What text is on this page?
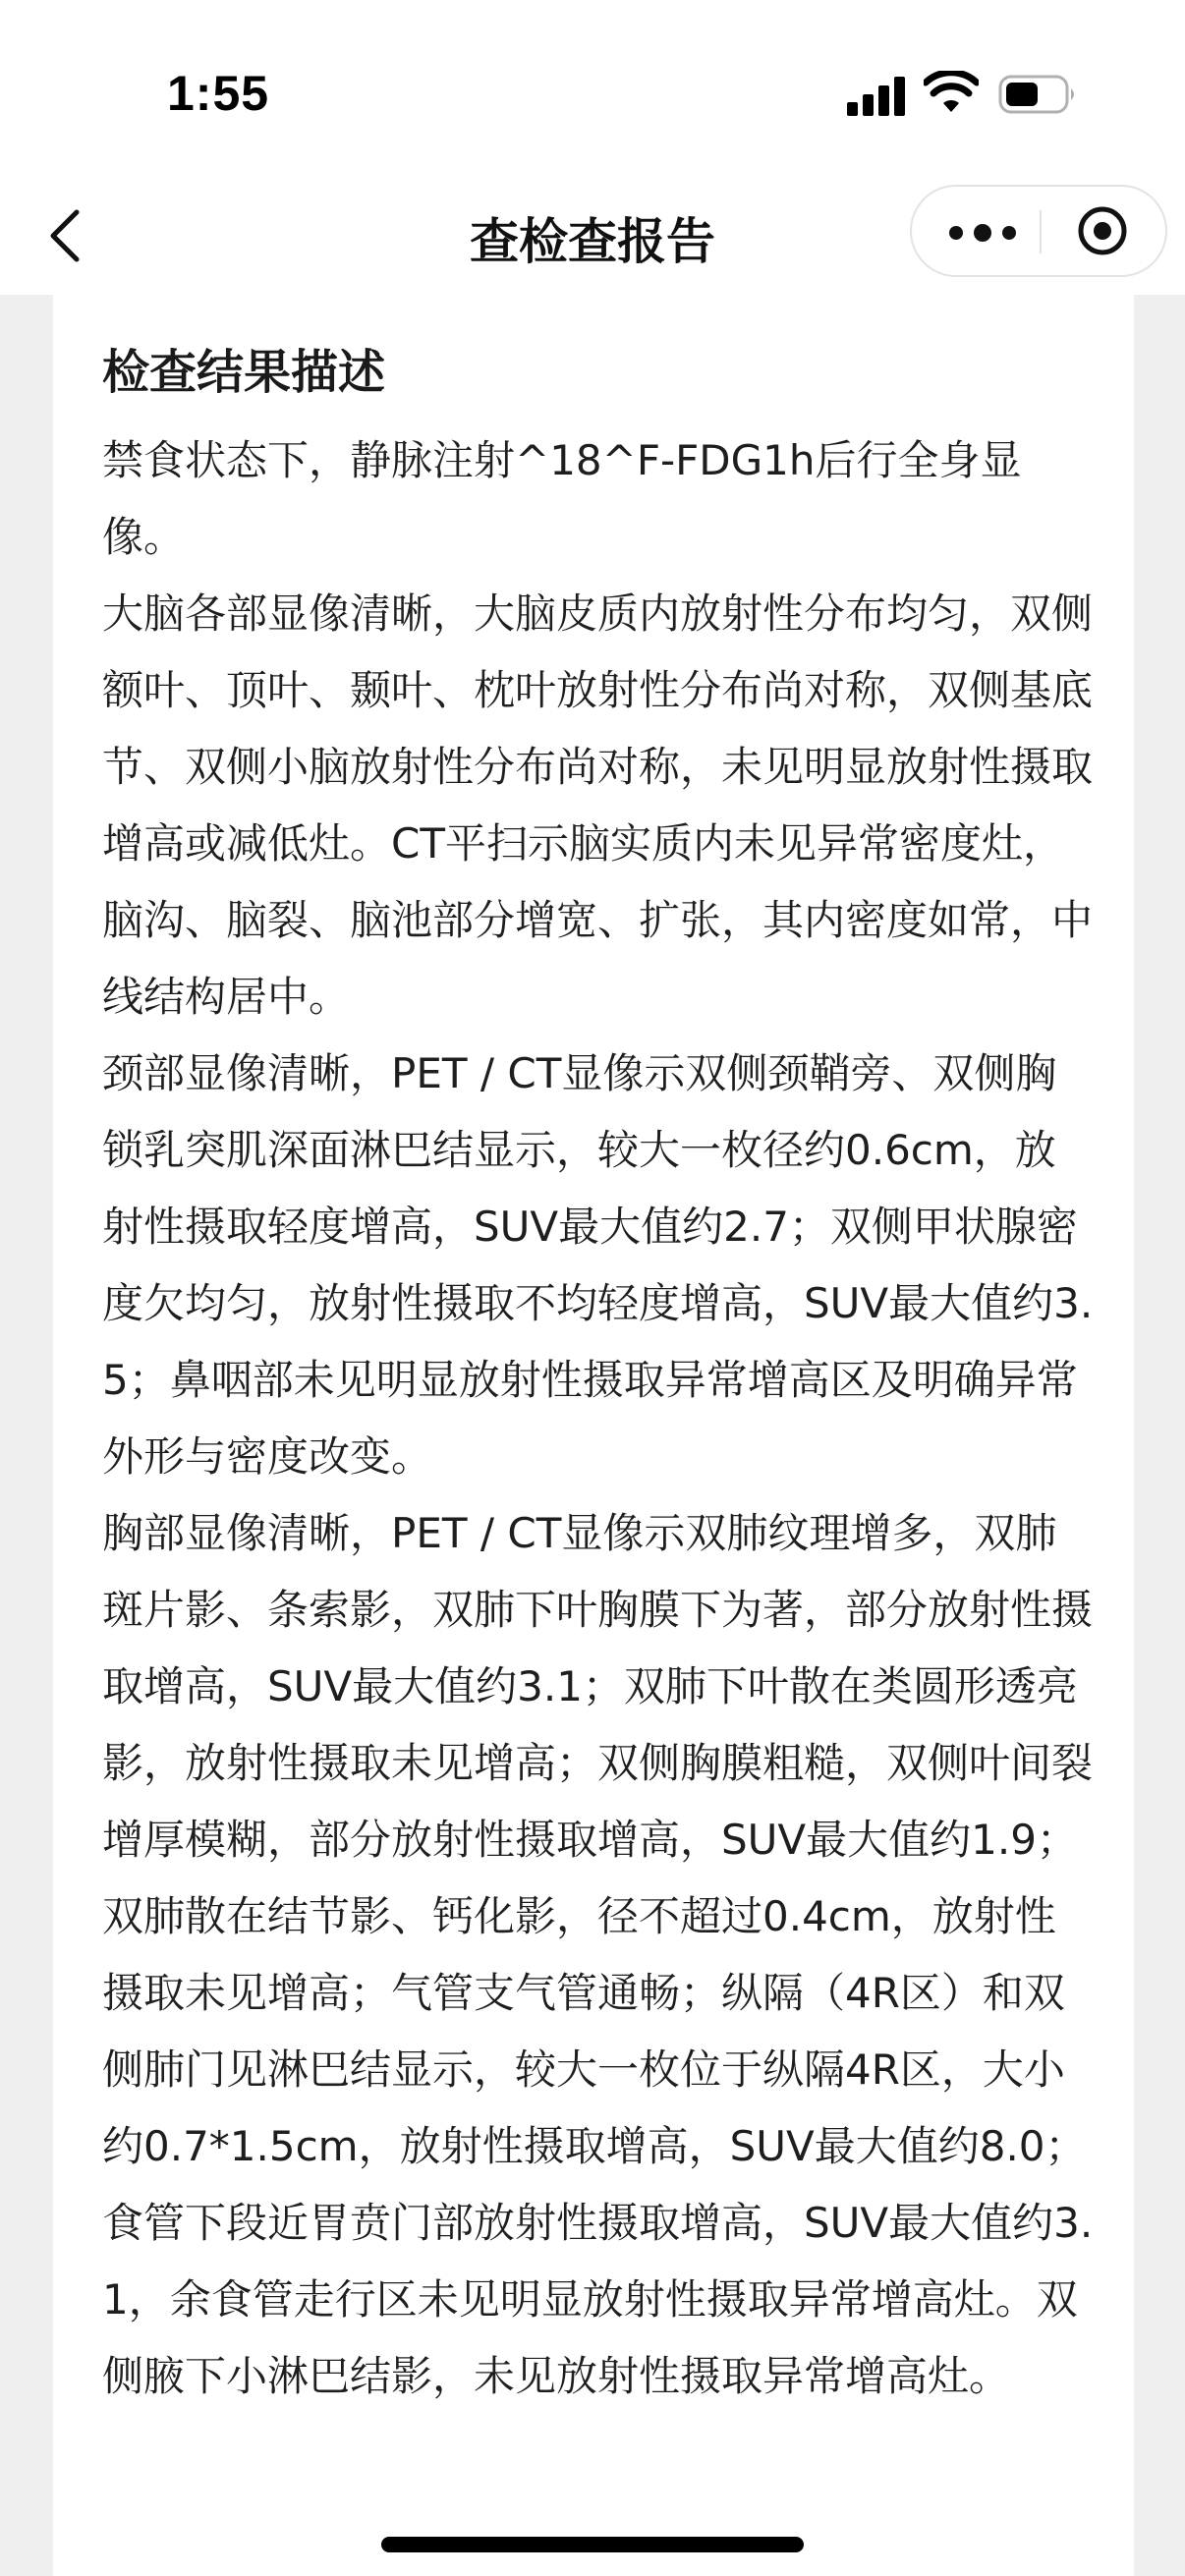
1:55
查检查报告
检查结果描述

禁食状态下，静脉注射^18^F-FDG1h后行全身显像。

大脑各部显像清晰，大脑皮质内放射性分布均匀，双侧额叶、顶叶、颞叶、枕叶放射性分布尚对称，双侧基底节、双侧小脑放射性分布尚对称，未见明显放射性摄取增高或减低灶。CT平扫示脑实质内未见异常密度灶，脑沟、脑裂、脑池部分增宽、扩张，其内密度如常，中线结构居中。

颈部显像清晰，PET / CT显像示双侧颈鞘旁、双侧胸锁乳突肌深面淋巴结显示，较大一枚径约0.6cm，放射性摄取轻度增高，SUV最大值约2.7；双侧甲状腺密度欠均匀，放射性摄取不均轻度增高，SUV最大值约3.5；鼻咽部未见明显放射性摄取异常增高区及明确异常外形与密度改变。

胸部显像清晰，PET / CT显像示双肺纹理增多，双肺斑片影、条索影，双肺下叶胸膜下为著，部分放射性摄取增高，SUV最大值约3.1；双肺下叶散在类圆形透亮影，放射性摄取未见增高；双侧胸膜粗糙，双侧叶间裂增厚模糊，部分放射性摄取增高，SUV最大值约1.9；双肺散在结节影、钙化影，径不超过0.4cm，放射性摄取未见增高；气管支气管通畅；纵隔（4R区）和双侧肺门见淋巴结显示，较大一枚位于纵隔4R区，大小约0.7*1.5cm，放射性摄取增高，SUV最大值约8.0；食管下段近胃贲门部放射性摄取增高，SUV最大值约3.1，余食管走行区未见明显放射性摄取异常增高灶。双侧腋下小淋巴结影，未见放射性摄取异常增高灶。
